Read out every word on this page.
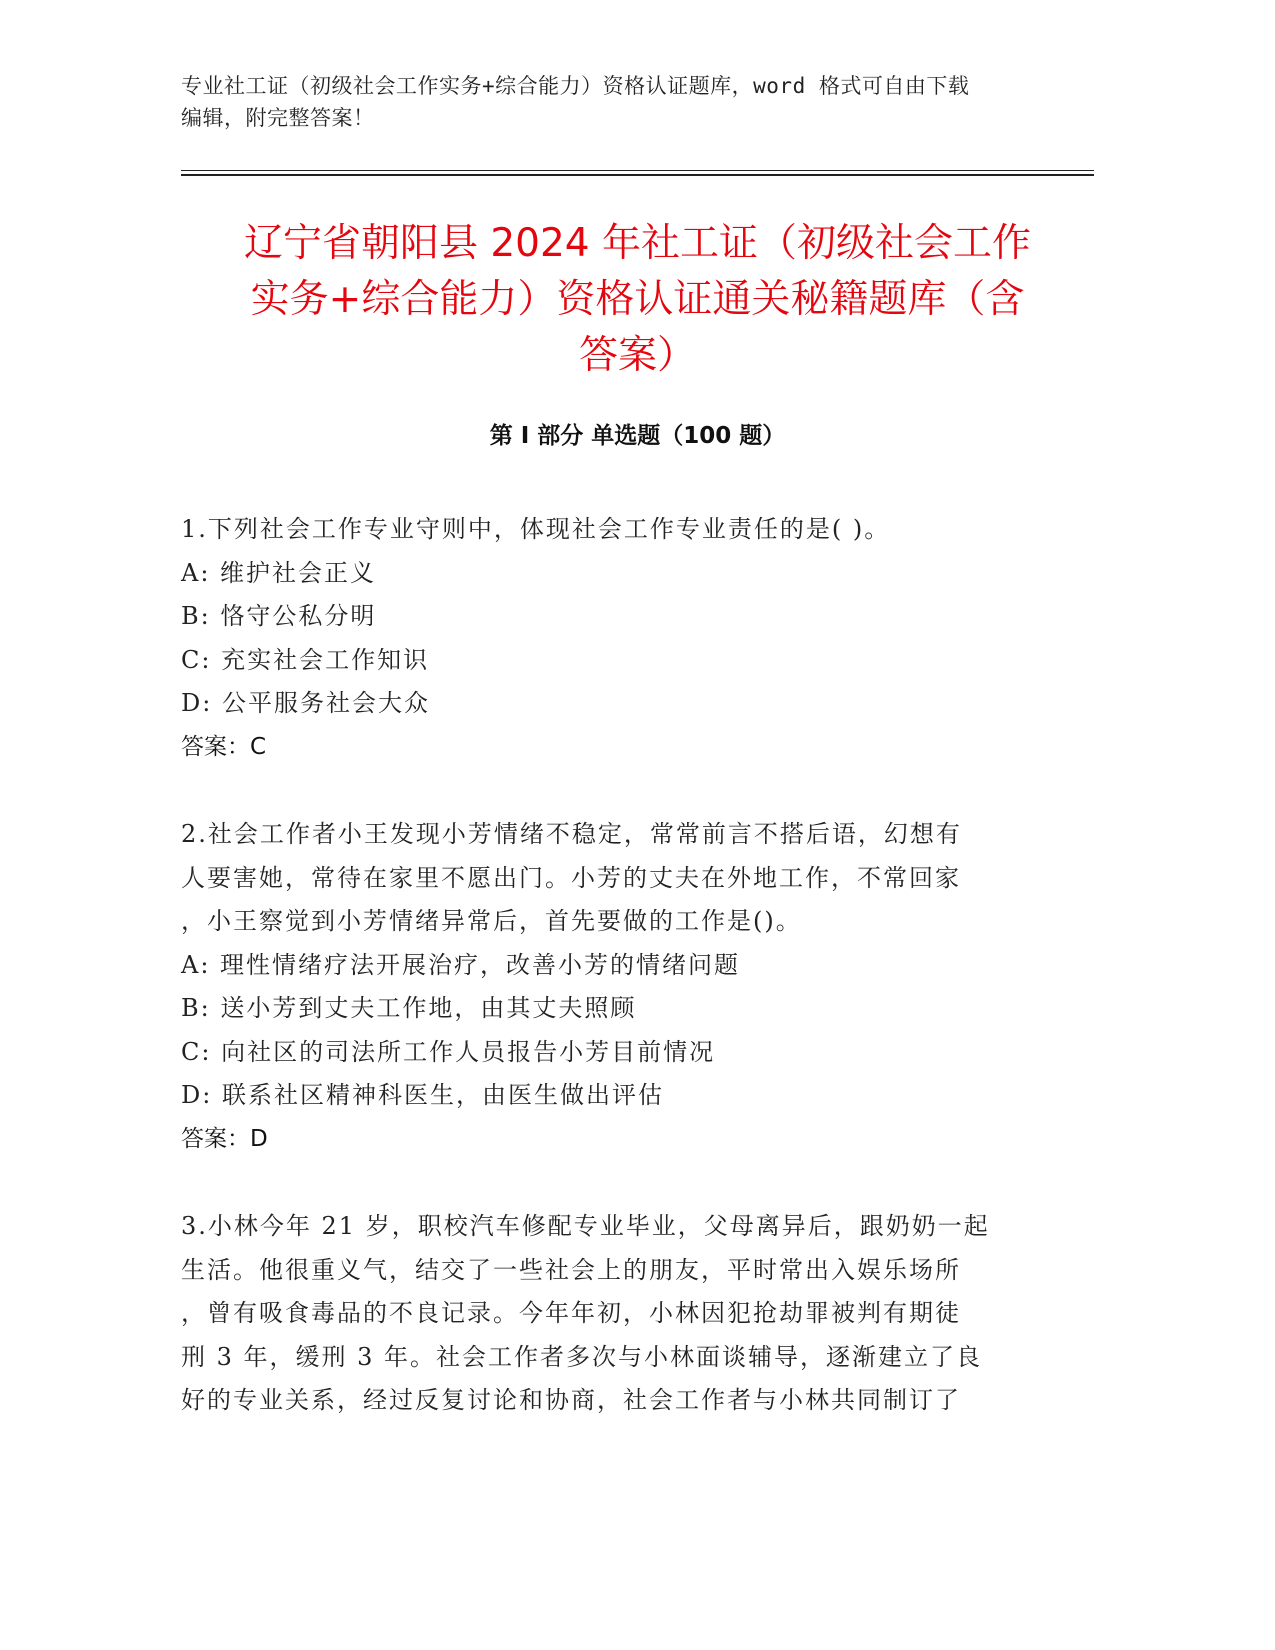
专业社工证（初级社会工作实务+综合能力）资格认证题库，word 格式可自由下载
编辑，附完整答案！
辽宁省朝阳县 2024 年社工证（初级社会工作
实务+综合能力）资格认证通关秘籍题库（含
答案）
第 I 部分 单选题（100 题）

1.下列社会工作专业守则中，体现社会工作专业责任的是( )。

A: 维护社会正义

B: 恪守公私分明

C: 充实社会工作知识

D: 公平服务社会大众

答案：C

2.社会工作者小王发现小芳情绪不稳定，常常前言不搭后语，幻想有

人要害她，常待在家里不愿出门。小芳的丈夫在外地工作，不常回家

，小王察觉到小芳情绪异常后，首先要做的工作是()。

A: 理性情绪疗法开展治疗，改善小芳的情绪问题

B: 送小芳到丈夫工作地，由其丈夫照顾

C: 向社区的司法所工作人员报告小芳目前情况

D: 联系社区精神科医生，由医生做出评估

答案：D

3.小林今年 21 岁，职校汽车修配专业毕业，父母离异后，跟奶奶一起

生活。他很重义气，结交了一些社会上的朋友，平时常出入娱乐场所

，曾有吸食毒品的不良记录。今年年初，小林因犯抢劫罪被判有期徒

刑 3 年，缓刑 3 年。社会工作者多次与小林面谈辅导，逐渐建立了良

好的专业关系，经过反复讨论和协商，社会工作者与小林共同制订了
